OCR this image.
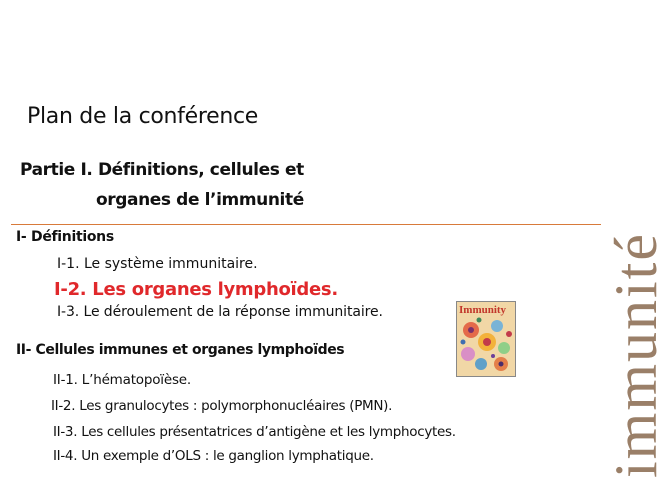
Plan de la conférence
Partie I. Définitions, cellules et
organes de l’immunité
I- Définitions
I-1. Le système immunitaire.
I-2. Les organes lymphoïdes.
I-3. Le déroulement de la réponse immunitaire.
II- Cellules immunes et organes lymphoïdes
II-1. L’hématopoïèse.
II-2. Les granulocytes : polymorphonucléaires (PMN).
II-3. Les cellules présentatrices d’antigène et les lymphocytes.
II-4. Un exemple d’OLS : le ganglion lymphatique.
Immunity immunité
